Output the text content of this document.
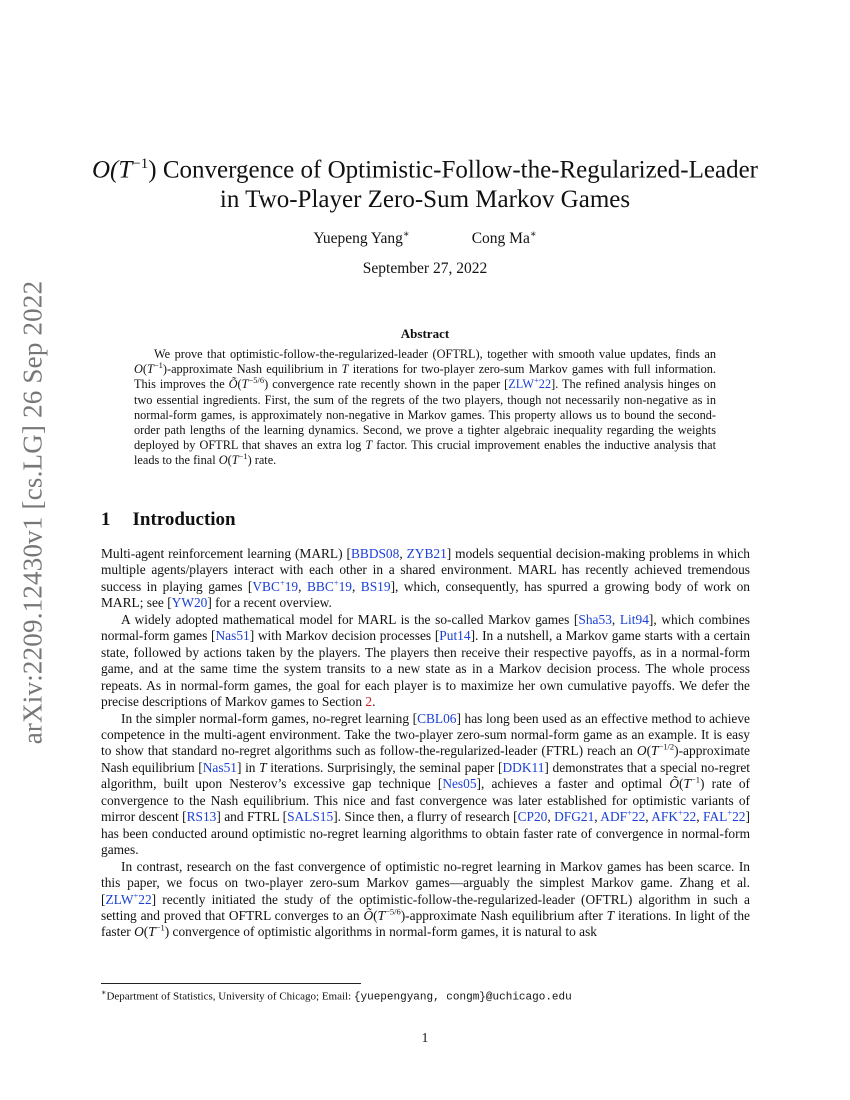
arXiv:2209.12430v1 [cs.LG] 26 Sep 2022
$O(T^{-1})$ Convergence of Optimistic-Follow-the-Regularized-Leader
in Two-Player Zero-Sum Markov Games
Yuepeng Yang∗	Cong Ma∗
September 27, 2022
Abstract

We prove that optimistic-follow-the-regularized-leader (OFTRL), together with smooth value updates, finds an $O(T^{-1})$-approximate Nash equilibrium in T iterations for two-player zero-sum Markov games with full information. This improves the $Õ(T^{-5/6})$ convergence rate recently shown in the paper [ZLW+22]. The refined analysis hinges on two essential ingredients. First, the sum of the regrets of the two players, though not necessarily non-negative as in normal-form games, is approximately non-negative in Markov games. This property allows us to bound the second-order path lengths of the learning dynamics. Second, we prove a tighter algebraic inequality regarding the weights deployed by OFTRL that shaves an extra log T factor. This crucial improvement enables the inductive analysis that leads to the final $O(T^{-1})$ rate.

1 Introduction

Multi-agent reinforcement learning (MARL) [BBDS08, ZYB21] models sequential decision-making problems in which multiple agents/players interact with each other in a shared environment. MARL has recently achieved tremendous success in playing games [VBC+19, BBC+19, BS19], which, consequently, has spurred a growing body of work on MARL; see [YW20] for a recent overview.

A widely adopted mathematical model for MARL is the so-called Markov games [Sha53, Lit94], which combines normal-form games [Nas51] with Markov decision processes [Put14]. In a nutshell, a Markov game starts with a certain state, followed by actions taken by the players. The players then receive their respective payoffs, as in a normal-form game, and at the same time the system transits to a new state as in a Markov decision process. The whole process repeats. As in normal-form games, the goal for each player is to maximize her own cumulative payoffs. We defer the precise descriptions of Markov games to Section 2.

In the simpler normal-form games, no-regret learning [CBL06] has long been used as an effective method to achieve competence in the multi-agent environment. Take the two-player zero-sum normal-form game as an example. It is easy to show that standard no-regret algorithms such as follow-the-regularized-leader (FTRL) reach an $O(T^{-1/2})$-approximate Nash equilibrium [Nas51] in T iterations. Surprisingly, the seminal paper [DDK11] demonstrates that a special no-regret algorithm, built upon Nesterov’s excessive gap technique [Nes05], achieves a faster and optimal $Õ(T^{-1})$ rate of convergence to the Nash equilibrium. This nice and fast convergence was later established for optimistic variants of mirror descent [RS13] and FTRL [SALS15]. Since then, a flurry of research [CP20, DFG21, ADF+22, AFK+22, FAL+22] has been conducted around optimistic no-regret learning algorithms to obtain faster rate of convergence in normal-form games.

In contrast, research on the fast convergence of optimistic no-regret learning in Markov games has been scarce. In this paper, we focus on two-player zero-sum Markov games—arguably the simplest Markov game. Zhang et al. [ZLW+22] recently initiated the study of the optimistic-follow-the-regularized-leader (OFTRL) algorithm in such a setting and proved that OFTRL converges to an $Õ(T^{-5/6})$-approximate Nash equilibrium after T iterations. In light of the faster $O(T^{-1})$ convergence of optimistic algorithms in normal-form games, it is natural to ask

∗Department of Statistics, University of Chicago; Email: {yuepengyang, congm}@uchicago.edu
1
